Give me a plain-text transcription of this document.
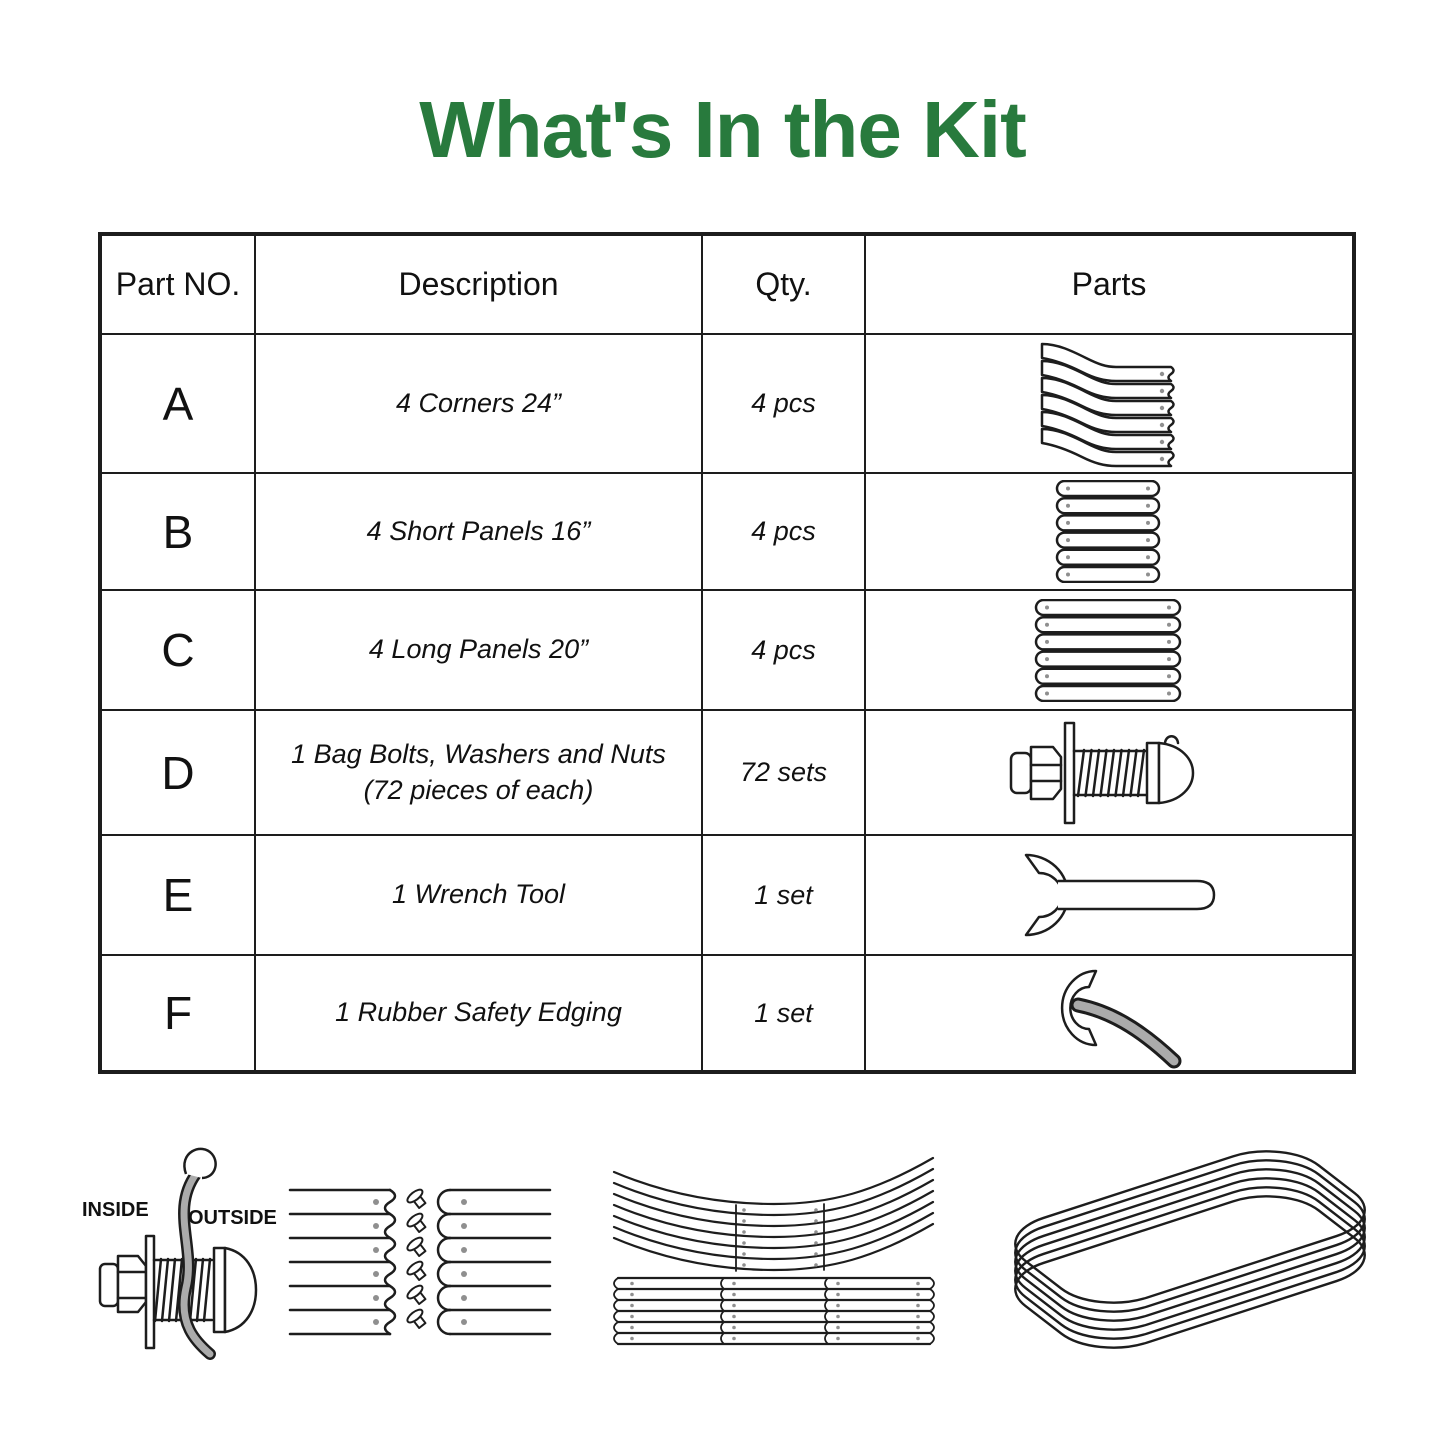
What's In the Kit
Part NO.	Description	Qty.	Parts
A	4 Corners 24”	4 pcs	

B	4 Short Panels 16”	4 pcs	

C	4 Long Panels 20”	4 pcs	

D	1 Bag Bolts, Washers and Nuts
(72 pieces of each)	72 sets	

E	1 Wrench Tool	1 set	

F	1 Rubber Safety Edging	1 set	
INSIDE OUTSIDE
